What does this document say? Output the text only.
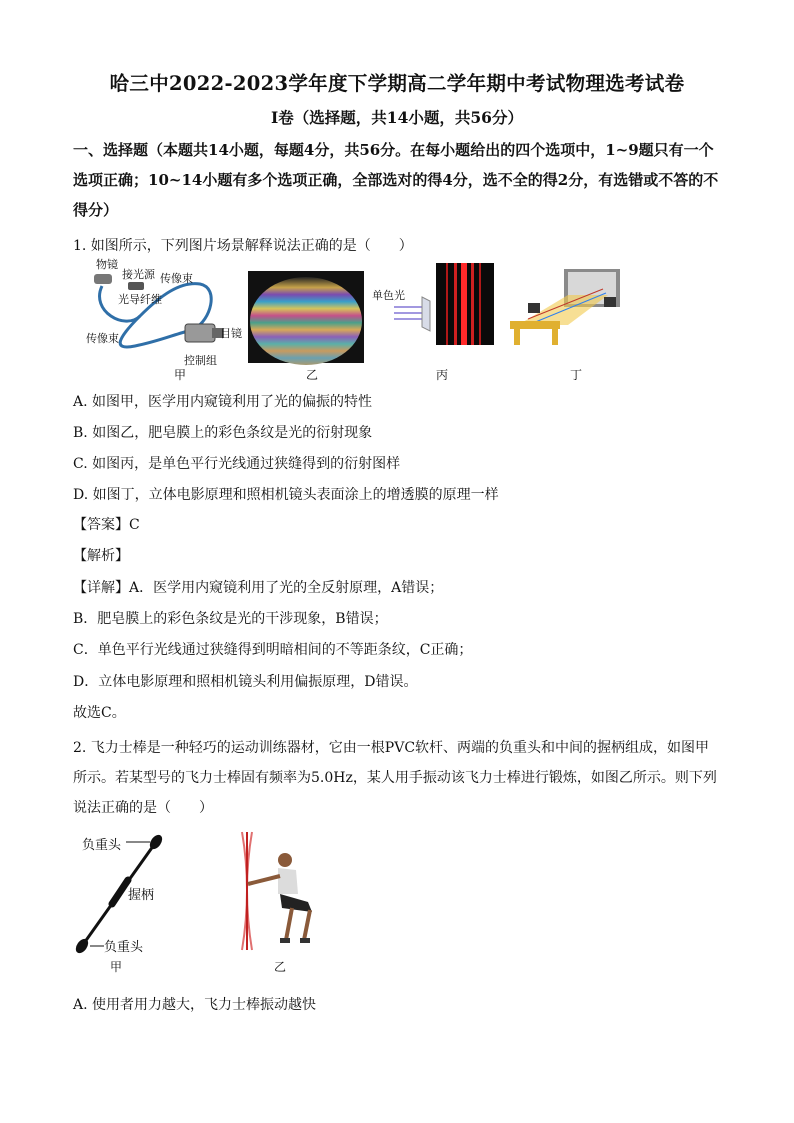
哈三中2022-2023学年度下学期高二学年期中考试物理选考试卷
Ⅰ卷（选择题，共14小题，共56分）
一、选择题（本题共14小题，每题4分，共56分。在每小题给出的四个选项中，1~9题只有一个选项正确；10~14小题有多个选项正确，全部选对的得4分，选不全的得2分，有选错或不答的不得分）
1. 如图所示，下列图片场景解释说法正确的是（　　）
物镜
接光源 传像束
光导纤维
传像束	目镜
控制组
单色光
甲	乙	丙	丁
A. 如图甲，医学用内窥镜利用了光的偏振的特性
B. 如图乙，肥皂膜上的彩色条纹是光的衍射现象
C. 如图丙，是单色平行光线通过狭缝得到的衍射图样
D. 如图丁，立体电影原理和照相机镜头表面涂上的增透膜的原理一样
【答案】C
【解析】
【详解】A．医学用内窥镜利用了光的全反射原理，A错误；
B．肥皂膜上的彩色条纹是光的干涉现象，B错误；
C．单色平行光线通过狭缝得到明暗相间的不等距条纹，C正确；
D．立体电影原理和照相机镜头利用偏振原理，D错误。
故选C。
2. 飞力士棒是一种轻巧的运动训练器材，它由一根PVC软杆、两端的负重头和中间的握柄组成，如图甲所示。若某型号的飞力士棒固有频率为5.0Hz，某人用手振动该飞力士棒进行锻炼，如图乙所示。则下列说法正确的是（　　）
负重头
握柄
负重头
甲	乙
A. 使用者用力越大，飞力士棒振动越快
